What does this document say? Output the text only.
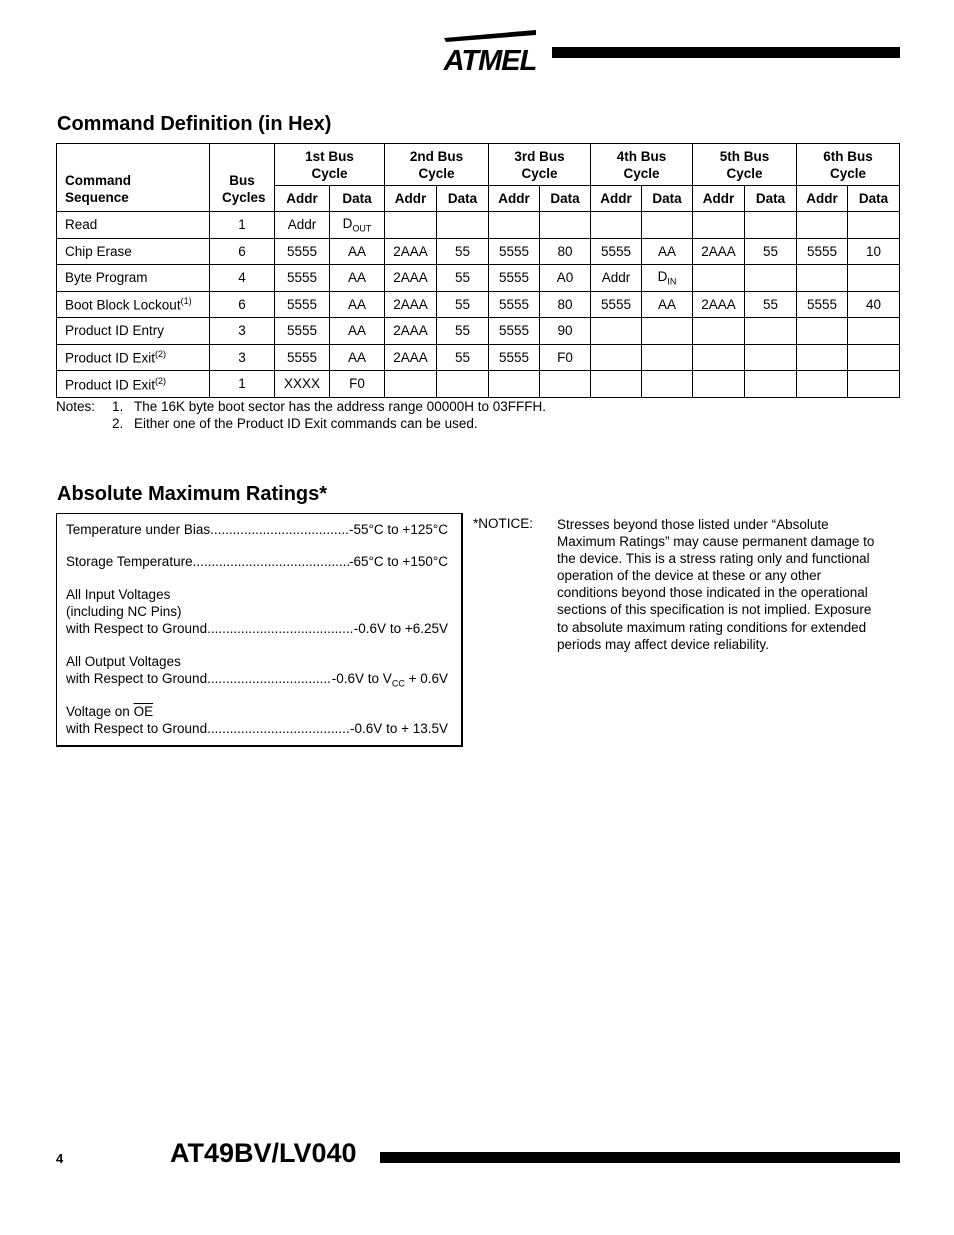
ATMEL
Command Definition (in Hex)
Command Sequence	Bus Cycles	1st Bus Cycle		2nd Bus Cycle		3rd Bus Cycle		4th Bus Cycle		5th Bus Cycle		6th Bus Cycle	
		Addr	Data	Addr	Data	Addr	Data	Addr	Data	Addr	Data	Addr	Data
Read	1	Addr	$D_{OUT}$										
Chip Erase	6	5555	AA	2AAA	55	5555	80	5555	AA	2AAA	55	5555	10
Byte Program	4	5555	AA	2AAA	55	5555	A0	Addr	$D_{IN}$				
Boot Block Lockout$^{(1)}$	6	5555	AA	2AAA	55	5555	80	5555	AA	2AAA	55	5555	40
Product ID Entry	3	5555	AA	2AAA	55	5555	90						
Product ID Exit$^{(2)}$	3	5555	AA	2AAA	55	5555	F0						
Product ID Exit$^{(2)}$	1	XXXX	F0										
Notes:	1. The 16K byte boot sector has the address range 00000H to 03FFFH.
2. Either one of the Product ID Exit commands can be used.
Absolute Maximum Ratings*
Temperature under Bias .....	-55°C to +125°C
Storage Temperature .....	-65°C to +150°C
All Input Voltages
(including NC Pins)
with Respect to Ground .....	-0.6V to +6.25V
All Output Voltages
with Respect to Ground .....	-0.6V to $V_{CC} + 0.6V$
Voltage on $\overline{OE}$
with Respect to Ground .....	-0.6V to + 13.5V
*NOTICE: Stresses beyond those listed under “Absolute Maximum Ratings” may cause permanent damage to the device. This is a stress rating only and functional operation of the device at these or any other conditions beyond those indicated in the operational sections of this specification is not implied. Exposure to absolute maximum rating conditions for extended periods may affect device reliability.
4	AT49BV/LV040
